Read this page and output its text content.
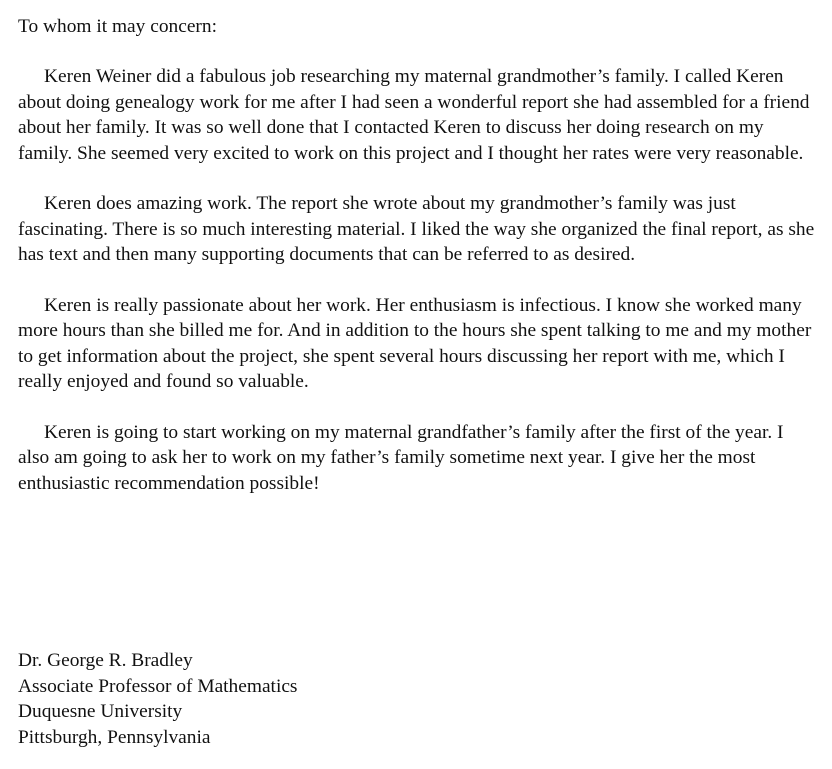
To whom it may concern:

Keren Weiner did a fabulous job researching my maternal grandmother’s family. I called Keren about doing genealogy work for me after I had seen a wonderful report she had assembled for a friend about her family. It was so well done that I contacted Keren to discuss her doing research on my family. She seemed very excited to work on this project and I thought her rates were very reasonable.

Keren does amazing work. The report she wrote about my grandmother’s family was just fascinating. There is so much interesting material. I liked the way she organized the final report, as she has text and then many supporting documents that can be referred to as desired.

Keren is really passionate about her work. Her enthusiasm is infectious. I know she worked many more hours than she billed me for. And in addition to the hours she spent talking to me and my mother to get information about the project, she spent several hours discussing her report with me, which I really enjoyed and found so valuable.

Keren is going to start working on my maternal grandfather’s family after the first of the year. I also am going to ask her to work on my father’s family sometime next year. I give her the most enthusiastic recommendation possible!

Dr. George R. Bradley
Associate Professor of Mathematics
Duquesne University
Pittsburgh, Pennsylvania
